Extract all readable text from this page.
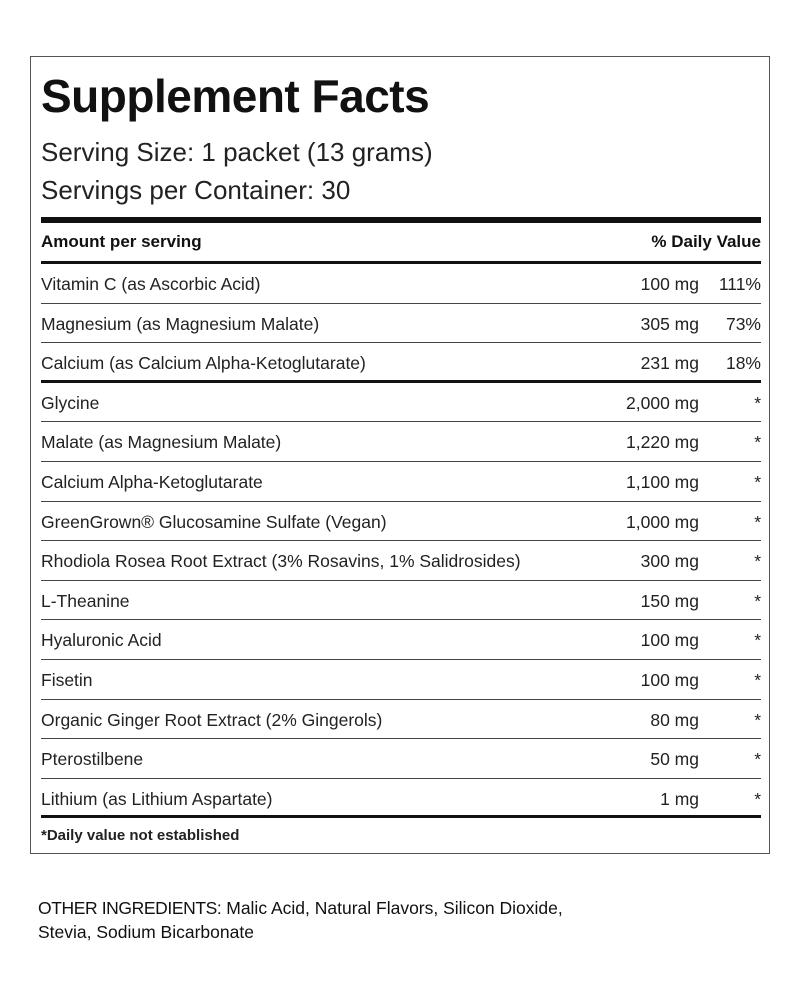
Supplement Facts
Serving Size: 1 packet (13 grams)
Servings per Container: 30
Amount per serving	% Daily Value
Vitamin C (as Ascorbic Acid)	100 mg 111%
Magnesium (as Magnesium Malate)	305 mg 73%
Calcium (as Calcium Alpha-Ketoglutarate)	231 mg 18%
Glycine	2,000 mg	*
Malate (as Magnesium Malate)	1,220 mg	*
Calcium Alpha-Ketoglutarate	1,100 mg	*
GreenGrown® Glucosamine Sulfate (Vegan)	1,000 mg	*
Rhodiola Rosea Root Extract (3% Rosavins, 1% Salidrosides)	300 mg	*
L-Theanine	150 mg	*
Hyaluronic Acid	100 mg	*
Fisetin	100 mg	*
Organic Ginger Root Extract (2% Gingerols)	80 mg	*
Pterostilbene	50 mg	*
Lithium (as Lithium Aspartate)	1 mg	*
*Daily value not established
OTHER INGREDIENTS: Malic Acid, Natural Flavors, Silicon Dioxide, Stevia, Sodium Bicarbonate
